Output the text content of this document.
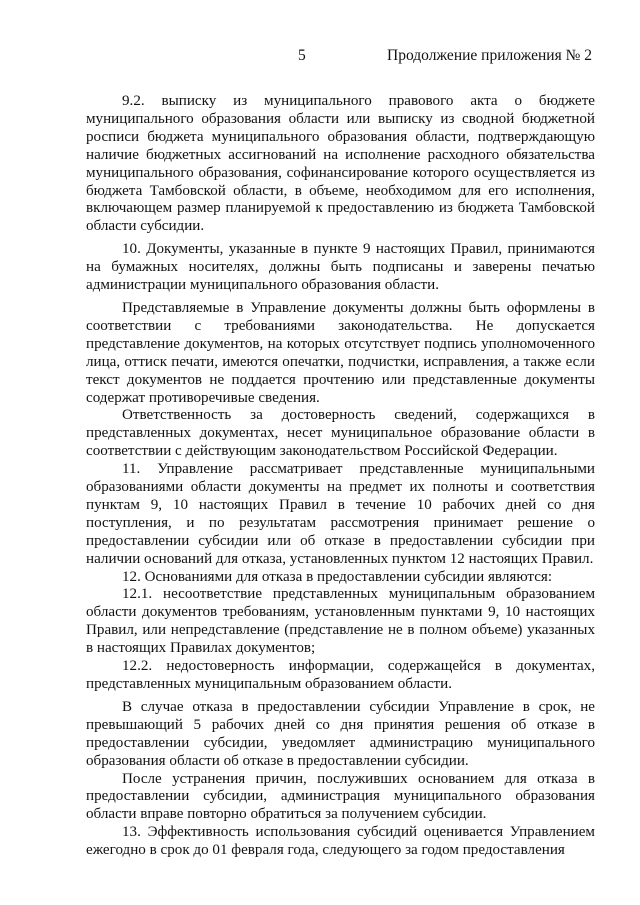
5	Продолжение приложения № 2

9.2. выписку из муниципального правового акта о бюджете муниципального образования области или выписку из сводной бюджетной росписи бюджета муниципального образования области, подтверждающую наличие бюджетных ассигнований на исполнение расходного обязательства муниципального образования, софинансирование которого осуществляется из бюджета Тамбовской области, в объеме, необходимом для его исполнения, включающем размер планируемой к предоставлению из бюджета Тамбовской области субсидии.

10. Документы, указанные в пункте 9 настоящих Правил, принимаются на бумажных носителях, должны быть подписаны и заверены печатью администрации муниципального образования области.

Представляемые в Управление документы должны быть оформлены в соответствии с требованиями законодательства. Не допускается представление документов, на которых отсутствует подпись уполномоченного лица, оттиск печати, имеются опечатки, подчистки, исправления, а также если текст документов не поддается прочтению или представленные документы содержат противоречивые сведения.

Ответственность за достоверность сведений, содержащихся в представленных документах, несет муниципальное образование области в соответствии с действующим законодательством Российской Федерации.

11. Управление рассматривает представленные муниципальными образованиями области документы на предмет их полноты и соответствия пунктам 9, 10 настоящих Правил в течение 10 рабочих дней со дня поступления, и по результатам рассмотрения принимает решение о предоставлении субсидии или об отказе в предоставлении субсидии при наличии оснований для отказа, установленных пунктом 12 настоящих Правил.

12. Основаниями для отказа в предоставлении субсидии являются:

12.1. несоответствие представленных муниципальным образованием области документов требованиям, установленным пунктами 9, 10 настоящих Правил, или непредставление (представление не в полном объеме) указанных в настоящих Правилах документов;

12.2. недостоверность информации, содержащейся в документах, представленных муниципальным образованием области.

В случае отказа в предоставлении субсидии Управление в срок, не превышающий 5 рабочих дней со дня принятия решения об отказе в предоставлении субсидии, уведомляет администрацию муниципального образования области об отказе в предоставлении субсидии.

После устранения причин, послуживших основанием для отказа в предоставлении субсидии, администрация муниципального образования области вправе повторно обратиться за получением субсидии.

13. Эффективность использования субсидий оценивается Управлением ежегодно в срок до 01 февраля года, следующего за годом предоставления
